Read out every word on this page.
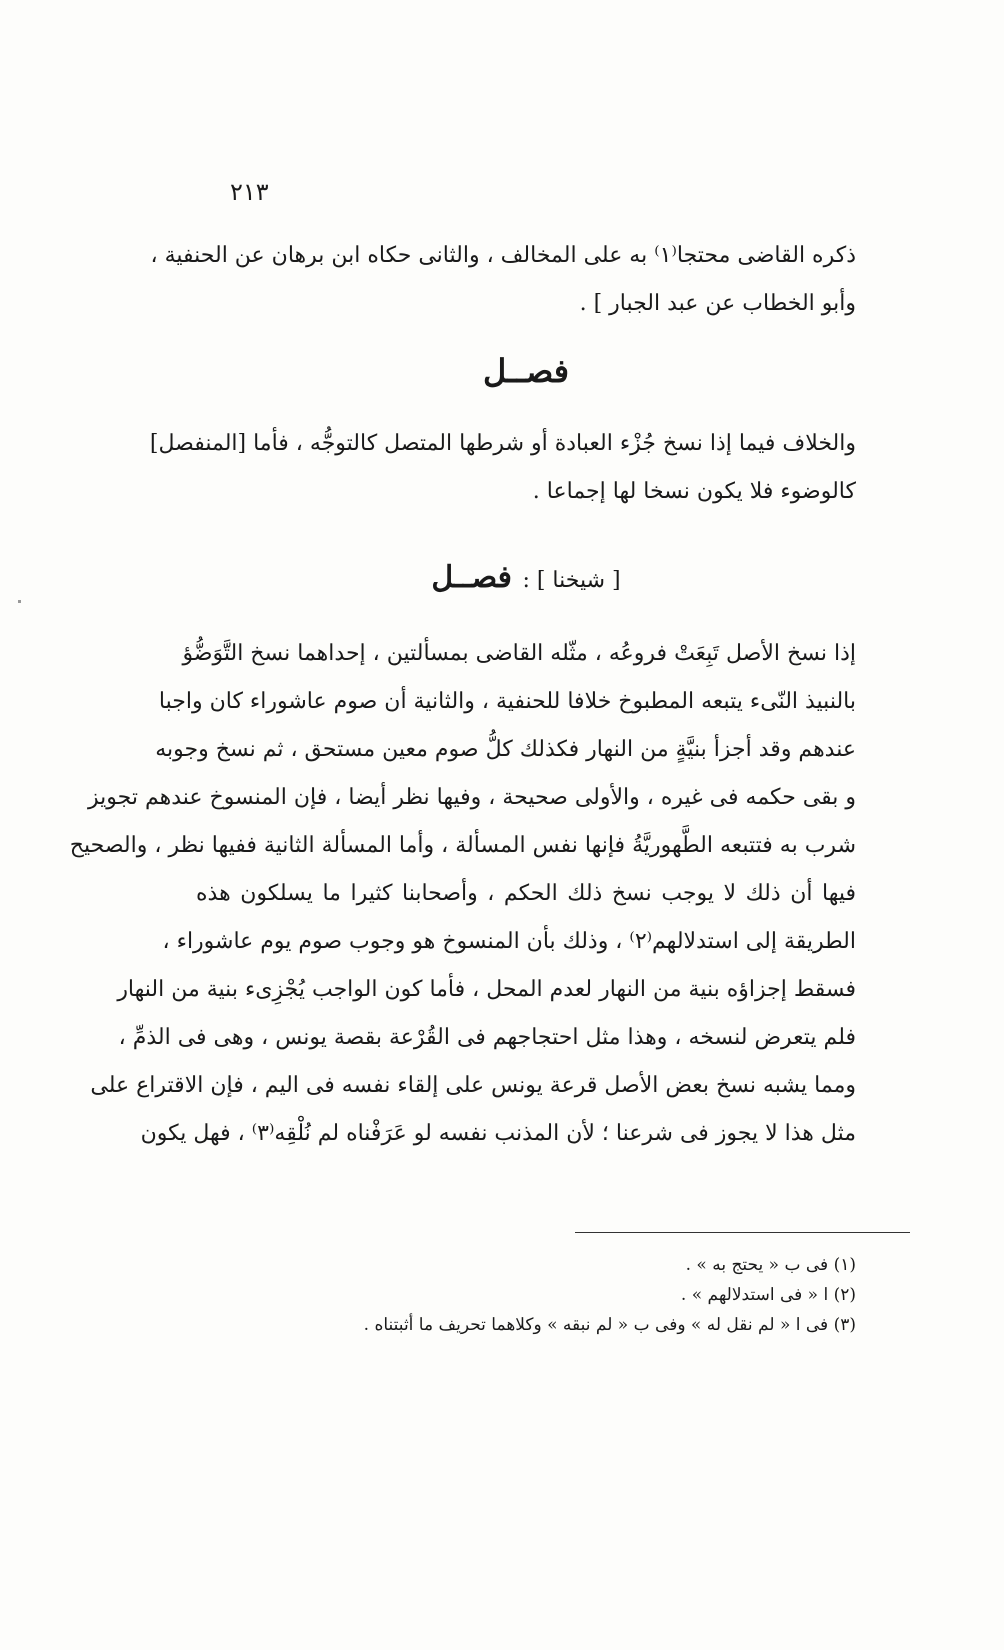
٢١٣
ذكره القاضى محتجا⁽١⁾ به على المخالف ، والثانى حكاه ابن برهان عن الحنفية ،
وأبو الخطاب عن عبد الجبار ] .
فصــل
والخلاف فيما إذا نسخ جُزْء العبادة أو شرطها المتصل كالتوجُّه ، فأما [المنفصل]
كالوضوء فلا يكون نسخا لها إجماعا .
[ شيخنا ] : فصــل
إذا نسخ الأصل تَبِعَتْ فروعُه ، مثّله القاضى بمسألتين ، إحداهما نسخ التَّوَضُّؤ
بالنبيذ النّىء يتبعه المطبوخ خلافا للحنفية ، والثانية أن صوم عاشوراء كان واجبا
عندهم وقد أجزأ بنيَّةٍ من النهار فكذلك كلُّ صوم معين مستحق ، ثم نسخ وجوبه
و بقى حكمه فى غيره ، والأولى صحيحة ، وفيها نظر أيضا ، فإن المنسوخ عندهم تجويز
شرب به فتتبعه الطَّهوريَّةُ فإنها نفس المسألة ، وأما المسألة الثانية ففيها نظر ، والصحيح
فيها أن ذلك لا يوجب نسخ ذلك الحكم ، وأصحابنا كثيرا ما يسلكون هذه
الطريقة إلى استدلالهم⁽٢⁾ ، وذلك بأن المنسوخ هو وجوب صوم يوم عاشوراء ،
فسقط إجزاؤه بنية من النهار لعدم المحل ، فأما كون الواجب يُجْزِىء بنية من النهار
فلم يتعرض لنسخه ، وهذا مثل احتجاجهم فى القُرْعة بقصة يونس ، وهى فى الذمِّ ،
ومما يشبه نسخ بعض الأصل قرعة يونس على إلقاء نفسه فى اليم ، فإن الاقتراع على
مثل هذا لا يجوز فى شرعنا ؛ لأن المذنب نفسه لو عَرَفْناه لم نُلْقِه⁽٣⁾ ، فهل يكون
(١) فى ب « يحتج به » .
(٢) ا « فى استدلالهم » .
(٣) فى ا « لم نقل له » وفى ب « لم نبقه » وكلاهما تحريف ما أثبتناه .
